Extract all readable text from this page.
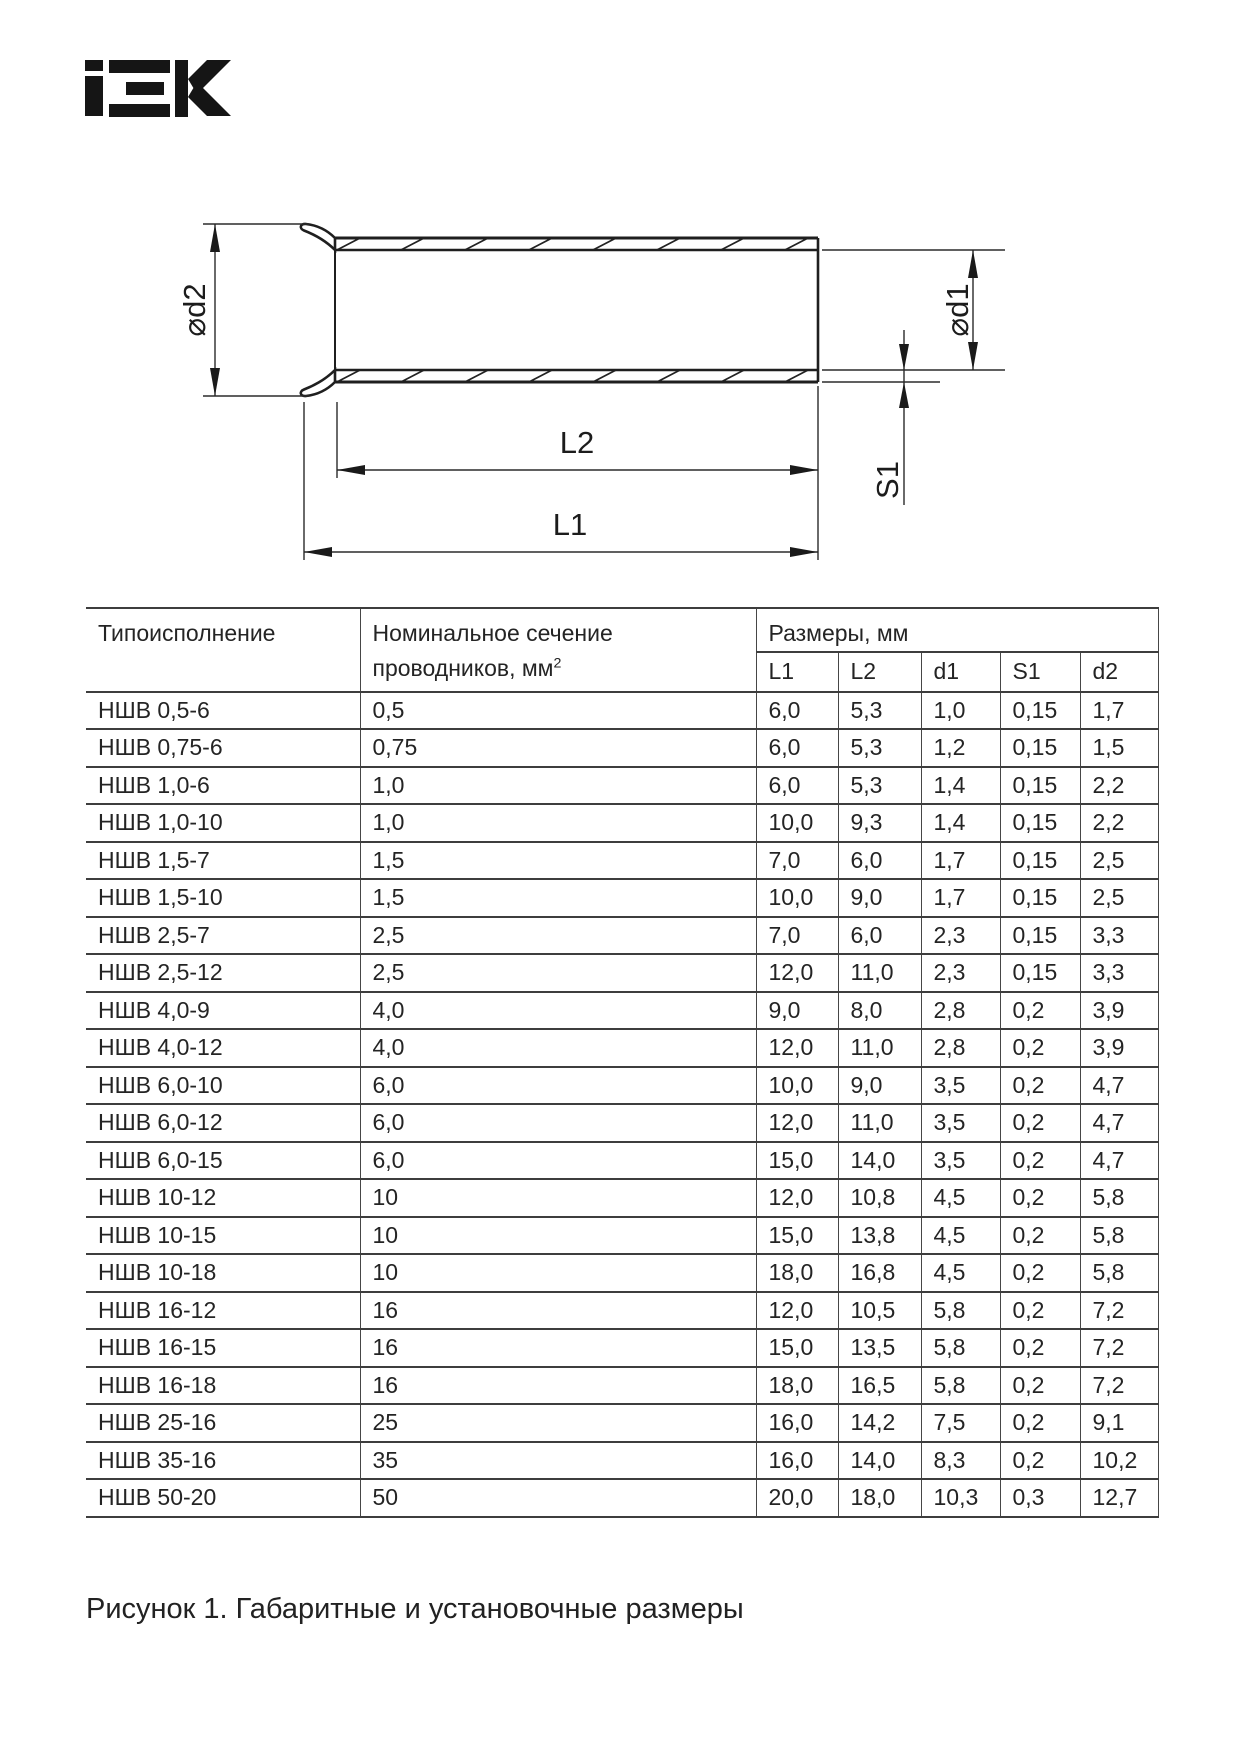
⌀d2
L2
L1
⌀d1
S1
Типоисполнение	Номинальное сечение проводников, $мм^2$	Размеры, мм				
		L1	L2	d1	S1	d2
НШВ 0,5-6	0,5	6,0	5,3	1,0	0,15	1,7
НШВ 0,75-6	0,75	6,0	5,3	1,2	0,15	1,5
НШВ 1,0-6	1,0	6,0	5,3	1,4	0,15	2,2
НШВ 1,0-10	1,0	10,0	9,3	1,4	0,15	2,2
НШВ 1,5-7	1,5	7,0	6,0	1,7	0,15	2,5
НШВ 1,5-10	1,5	10,0	9,0	1,7	0,15	2,5
НШВ 2,5-7	2,5	7,0	6,0	2,3	0,15	3,3
НШВ 2,5-12	2,5	12,0	11,0	2,3	0,15	3,3
НШВ 4,0-9	4,0	9,0	8,0	2,8	0,2	3,9
НШВ 4,0-12	4,0	12,0	11,0	2,8	0,2	3,9
НШВ 6,0-10	6,0	10,0	9,0	3,5	0,2	4,7
НШВ 6,0-12	6,0	12,0	11,0	3,5	0,2	4,7
НШВ 6,0-15	6,0	15,0	14,0	3,5	0,2	4,7
НШВ 10-12	10	12,0	10,8	4,5	0,2	5,8
НШВ 10-15	10	15,0	13,8	4,5	0,2	5,8
НШВ 10-18	10	18,0	16,8	4,5	0,2	5,8
НШВ 16-12	16	12,0	10,5	5,8	0,2	7,2
НШВ 16-15	16	15,0	13,5	5,8	0,2	7,2
НШВ 16-18	16	18,0	16,5	5,8	0,2	7,2
НШВ 25-16	25	16,0	14,2	7,5	0,2	9,1
НШВ 35-16	35	16,0	14,0	8,3	0,2	10,2
НШВ 50-20	50	20,0	18,0	10,3	0,3	12,7
Рисунок 1. Габаритные и установочные размеры
